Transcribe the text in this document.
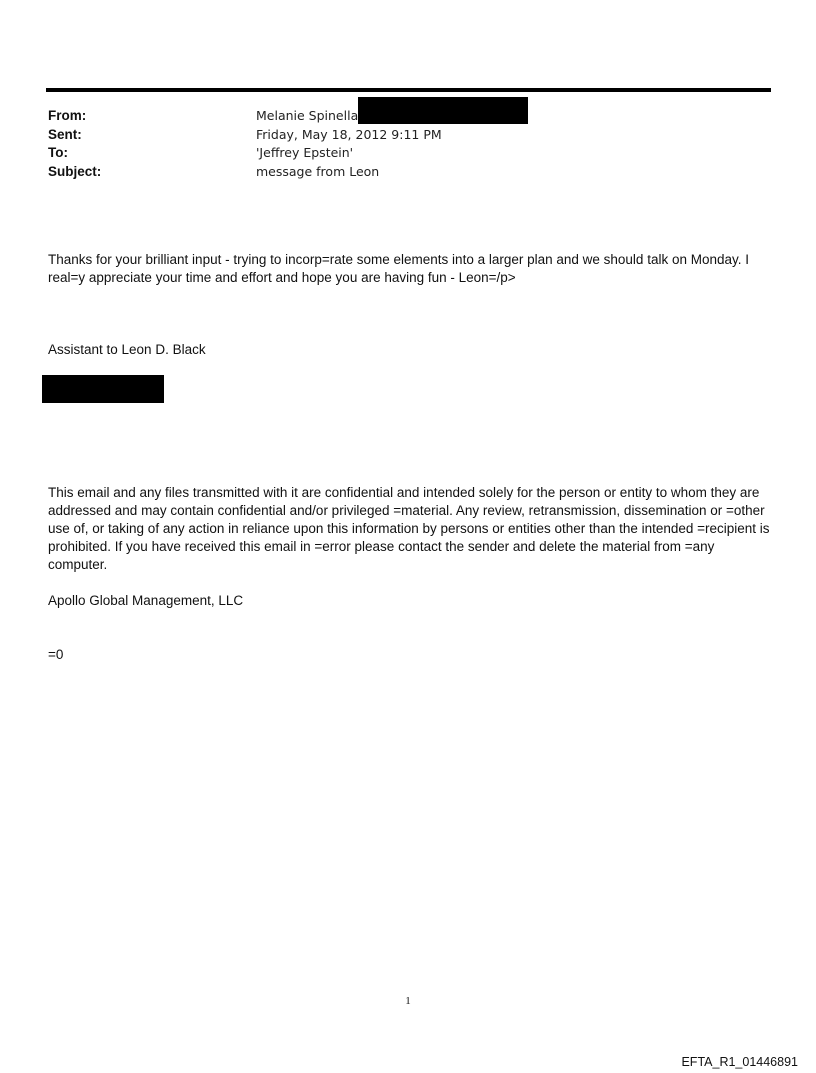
From:	Melanie Spinella
Sent:	Friday, May 18, 2012 9:11 PM
To:	'Jeffrey Epstein'
Subject:	message from Leon

Thanks for your brilliant input - trying to incorp=rate some elements into a larger plan and we should talk on Monday. I real=y appreciate your time and effort and hope you are having fun - Leon=/p>

Assistant to Leon D. Black

This email and any files transmitted with it are confidential and intended solely for the person or entity to whom they are addressed and may contain confidential and/or privileged =material. Any review, retransmission, dissemination or =other use of, or taking of any action in reliance upon this information by persons or entities other than the intended =recipient is prohibited. If you have received this email in =error please contact the sender and delete the material from =any computer.

Apollo Global Management, LLC

=0

1
EFTA_R1_01446891
